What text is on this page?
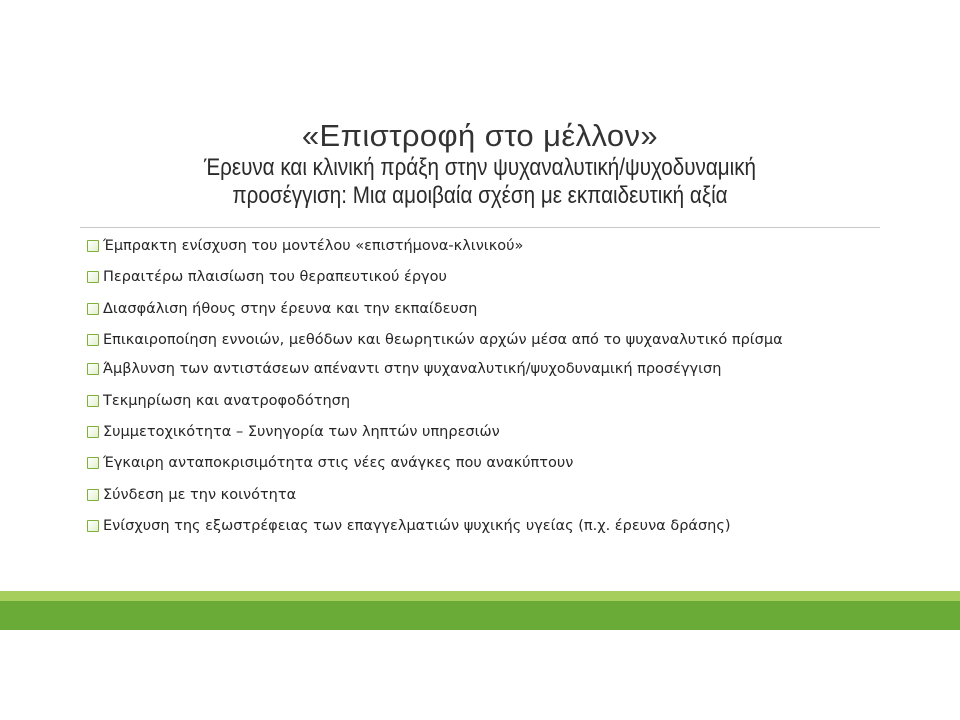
«Επιστροφή στο μέλλον»
Έρευνα και κλινική πράξη στην ψυχαναλυτική/ψυχοδυναμική
προσέγγιση: Μια αμοιβαία σχέση με εκπαιδευτική αξία
Έμπρακτη ενίσχυση του μοντέλου «επιστήμονα-κλινικού»
Περαιτέρω πλαισίωση του θεραπευτικού έργου
Διασφάλιση ήθους στην έρευνα και την εκπαίδευση
Επικαιροποίηση εννοιών, μεθόδων και θεωρητικών αρχών μέσα από το ψυχαναλυτικό πρίσμα
Άμβλυνση των αντιστάσεων απέναντι στην ψυχαναλυτική/ψυχοδυναμική προσέγγιση
Τεκμηρίωση και ανατροφοδότηση
Συμμετοχικότητα – Συνηγορία των ληπτών υπηρεσιών
Έγκαιρη ανταποκρισιμότητα στις νέες ανάγκες που ανακύπτουν
Σύνδεση με την κοινότητα
Ενίσχυση της εξωστρέφειας των επαγγελματιών ψυχικής υγείας (π.χ. έρευνα δράσης)
